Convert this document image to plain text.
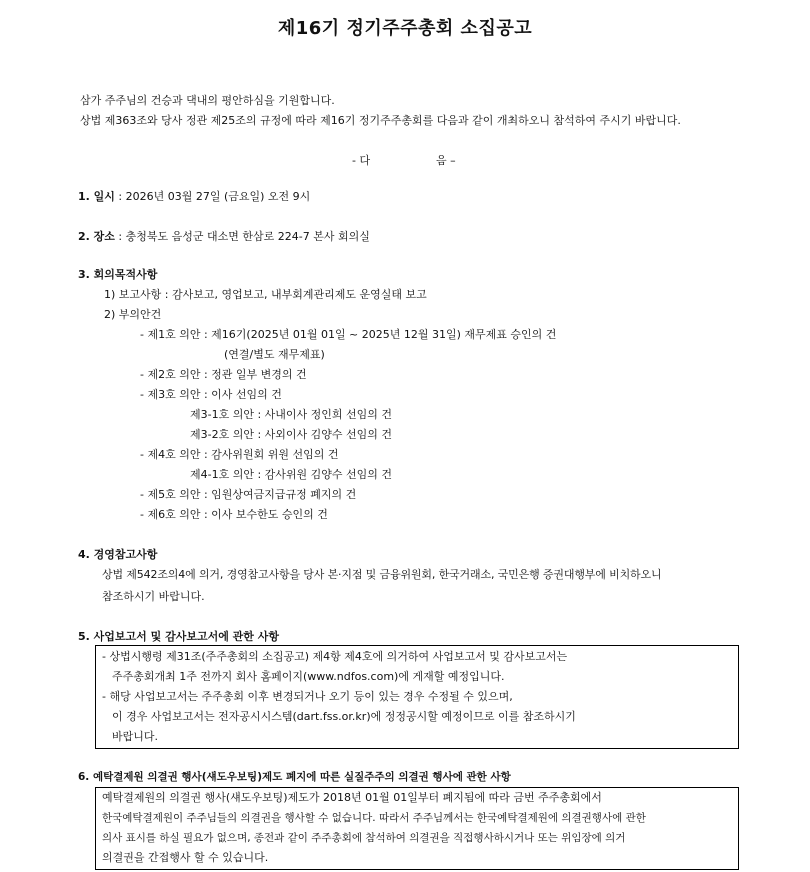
제16기 정기주주총회 소집공고
삼가 주주님의 건승과 댁내의 평안하심을 기원합니다.
상법 제363조와 당사 정관 제25조의 규정에 따라 제16기 정기주주총회를 다음과 같이 개최하오니 참석하여 주시기 바랍니다.
- 다	음 –
1. 일시 : 2026년 03월 27일 (금요일) 오전 9시
2. 장소 : 충청북도 음성군 대소면 한삼로 224-7 본사 회의실
3. 회의목적사항
1) 보고사항 : 감사보고, 영업보고, 내부회계관리제도 운영실태 보고
2) 부의안건
- 제1호 의안 : 제16기(2025년 01월 01일 ~ 2025년 12월 31일) 재무제표 승인의 건
(연결/별도 재무제표)
- 제2호 의안 : 정관 일부 변경의 건
- 제3호 의안 : 이사 선임의 건
제3-1호 의안 : 사내이사 정인희 선임의 건
제3-2호 의안 : 사외이사 김양수 선임의 건
- 제4호 의안 : 감사위원회 위원 선임의 건
제4-1호 의안 : 감사위원 김양수 선임의 건
- 제5호 의안 : 임원상여금지급규정 폐지의 건
- 제6호 의안 : 이사 보수한도 승인의 건
4. 경영참고사항
상법 제542조의4에 의거, 경영참고사항을 당사 본·지점 및 금융위원회, 한국거래소, 국민은행 증권대행부에 비치하오니
참조하시기 바랍니다.
5. 사업보고서 및 감사보고서에 관한 사항
- 상법시행령 제31조(주주총회의 소집공고) 제4항 제4호에 의거하여 사업보고서 및 감사보고서는
주주총회개최 1주 전까지 회사 홈페이지(www.ndfos.com)에 게재할 예정입니다.
- 해당 사업보고서는 주주총회 이후 변경되거나 오기 등이 있는 경우 수정될 수 있으며,
이 경우 사업보고서는 전자공시시스템(dart.fss.or.kr)에 정정공시할 예정이므로 이를 참조하시기
바랍니다.
6. 예탁결제원 의결권 행사(섀도우보팅)제도 폐지에 따른 실질주주의 의결권 행사에 관한 사항
예탁결제원의 의결권 행사(섀도우보팅)제도가 2018년 01월 01일부터 폐지됨에 따라 금번 주주총회에서
한국예탁결제원이 주주님들의 의결권을 행사할 수 없습니다. 따라서 주주님께서는 한국예탁결제원에 의결권행사에 관한
의사 표시를 하실 필요가 없으며, 종전과 같이 주주총회에 참석하여 의결권을 직접행사하시거나 또는 위임장에 의거
의결권을 간접행사 할 수 있습니다.
